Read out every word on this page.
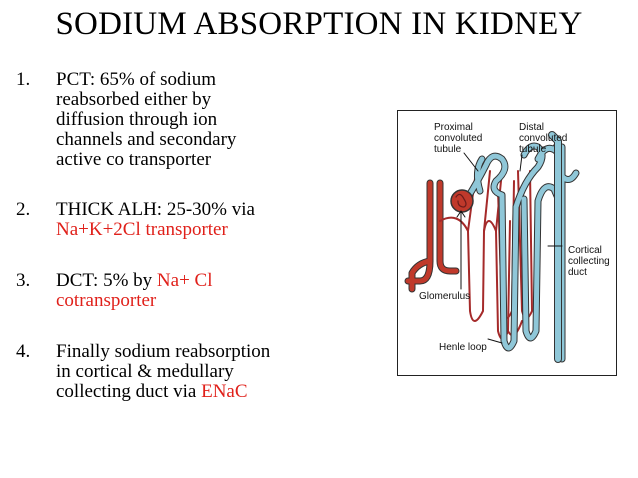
SODIUM ABSORPTION IN KIDNEY
1. PCT: 65% of sodium
reabsorbed either by
diffusion through ion
channels and secondary
active co transporter
2. THICK ALH: 25-30% via
Na+K+2Cl transporter
3. DCT: 5% by Na+ Cl
cotransporter
4. Finally sodium reabsorption
in cortical & medullary
collecting duct via ENaC
Proximal
convoluted
tubule
Distal
convoluted
tubule
Cortical
collecting
duct
Glomerulus
Henle loop
